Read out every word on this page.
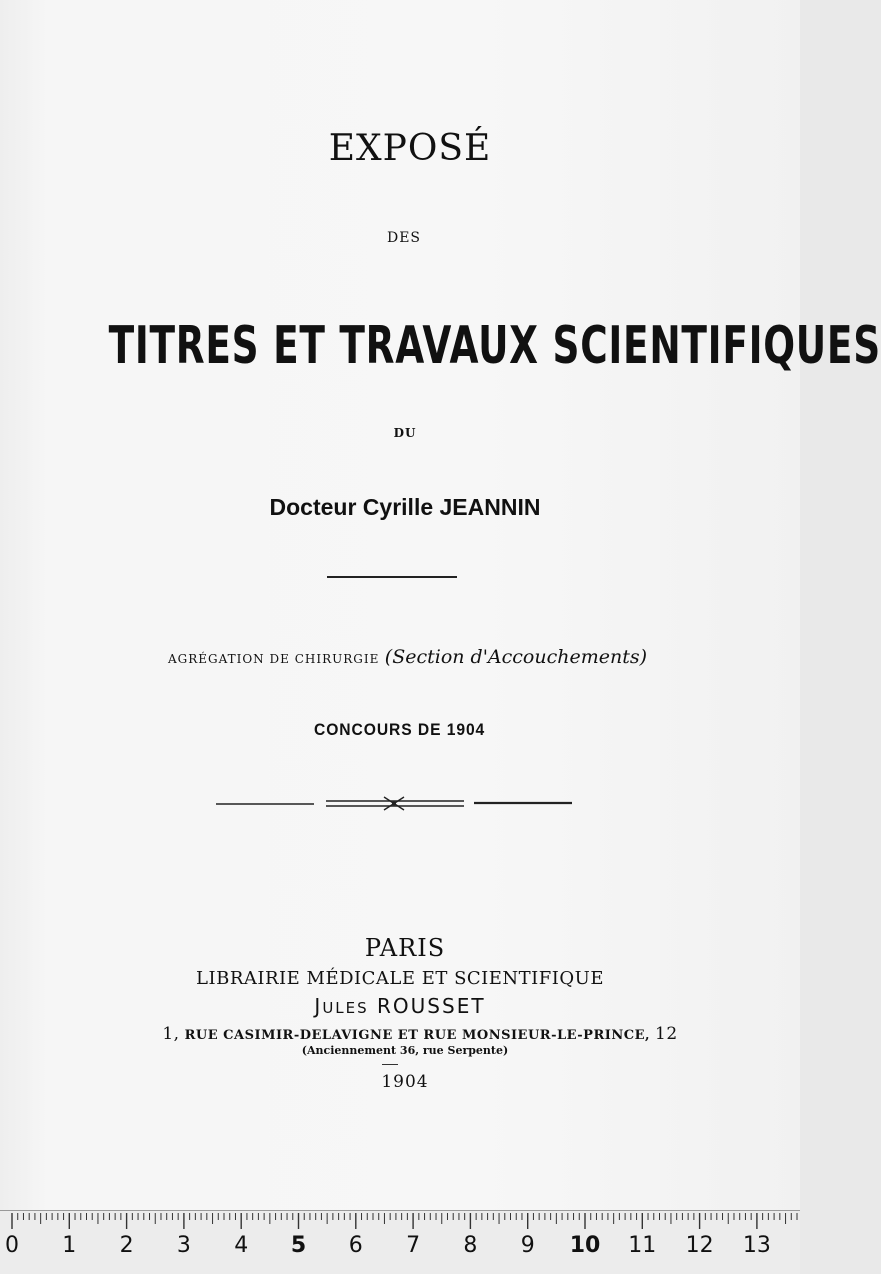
EXPOSÉ
DES
TITRES ET TRAVAUX SCIENTIFIQUES
DU
Docteur Cyrille JEANNIN
AGRÉGATION DE CHIRURGIE (Section d'Accouchements)
CONCOURS DE 1904
PARIS
LIBRAIRIE MÉDICALE ET SCIENTIFIQUE
JULES ROUSSET
1, RUE CASIMIR-DELAVIGNE ET RUE MONSIEUR-LE-PRINCE, 12
(Anciennement 36, rue Serpente)
1904
0 1 2 3 4 5 6 7 8 9 10 11 12 13
